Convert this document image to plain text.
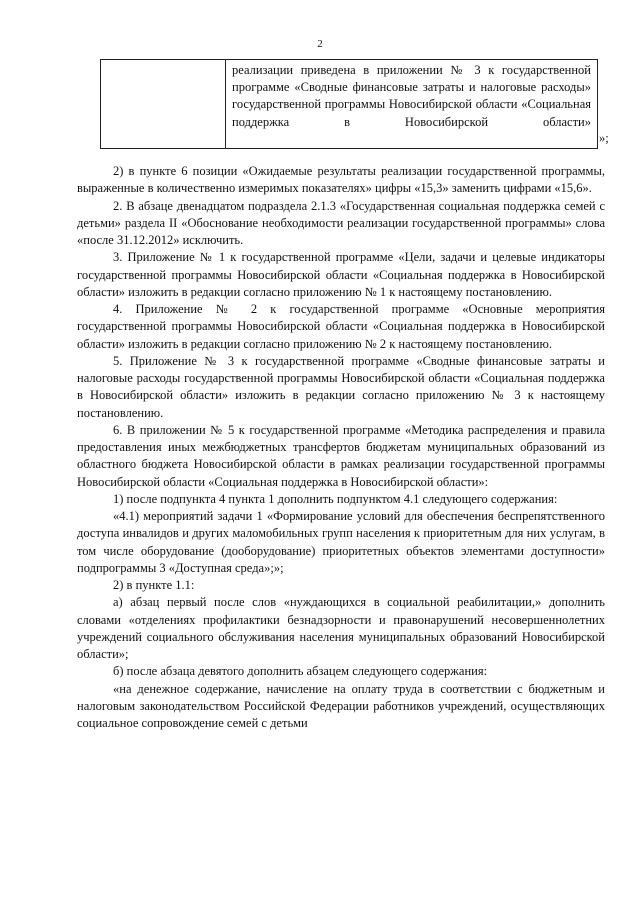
2
реализации приведена в приложении № 3 к государственной программе «Сводные финансовые затраты и налоговые расходы» государственной программы Новосибирской области «Социальная поддержка в Новосибирской области»
»;

2) в пункте 6 позиции «Ожидаемые результаты реализации государственной программы, выраженные в количественно измеримых показателях» цифры «15,3» заменить цифрами «15,6».

2. В абзаце двенадцатом подраздела 2.1.3 «Государственная социальная поддержка семей с детьми» раздела II «Обоснование необходимости реализации государственной программы» слова «после 31.12.2012» исключить.

3. Приложение № 1 к государственной программе «Цели, задачи и целевые индикаторы государственной программы Новосибирской области «Социальная поддержка в Новосибирской области» изложить в редакции согласно приложению № 1 к настоящему постановлению.

4. Приложение № 2 к государственной программе «Основные мероприятия государственной программы Новосибирской области «Социальная поддержка в Новосибирской области» изложить в редакции согласно приложению № 2 к настоящему постановлению.

5. Приложение № 3 к государственной программе «Сводные финансовые затраты и налоговые расходы государственной программы Новосибирской области «Социальная поддержка в Новосибирской области» изложить в редакции согласно приложению № 3 к настоящему постановлению.

6. В приложении № 5 к государственной программе «Методика распределения и правила предоставления иных межбюджетных трансфертов бюджетам муниципальных образований из областного бюджета Новосибирской области в рамках реализации государственной программы Новосибирской области «Социальная поддержка в Новосибирской области»:

1) после подпункта 4 пункта 1 дополнить подпунктом 4.1 следующего содержания:

«4.1) мероприятий задачи 1 «Формирование условий для обеспечения беспрепятственного доступа инвалидов и других маломобильных групп населения к приоритетным для них услугам, в том числе оборудование (дооборудование) приоритетных объектов элементами доступности» подпрограммы 3 «Доступная среда»;»;

2) в пункте 1.1:

а) абзац первый после слов «нуждающихся в социальной реабилитации,» дополнить словами «отделениях профилактики безнадзорности и правонарушений несовершеннолетних учреждений социального обслуживания населения муниципальных образований Новосибирской области»;

б) после абзаца девятого дополнить абзацем следующего содержания:

«на денежное содержание, начисление на оплату труда в соответствии с бюджетным и налоговым законодательством Российской Федерации работников учреждений, осуществляющих социальное сопровождение семей с детьми
